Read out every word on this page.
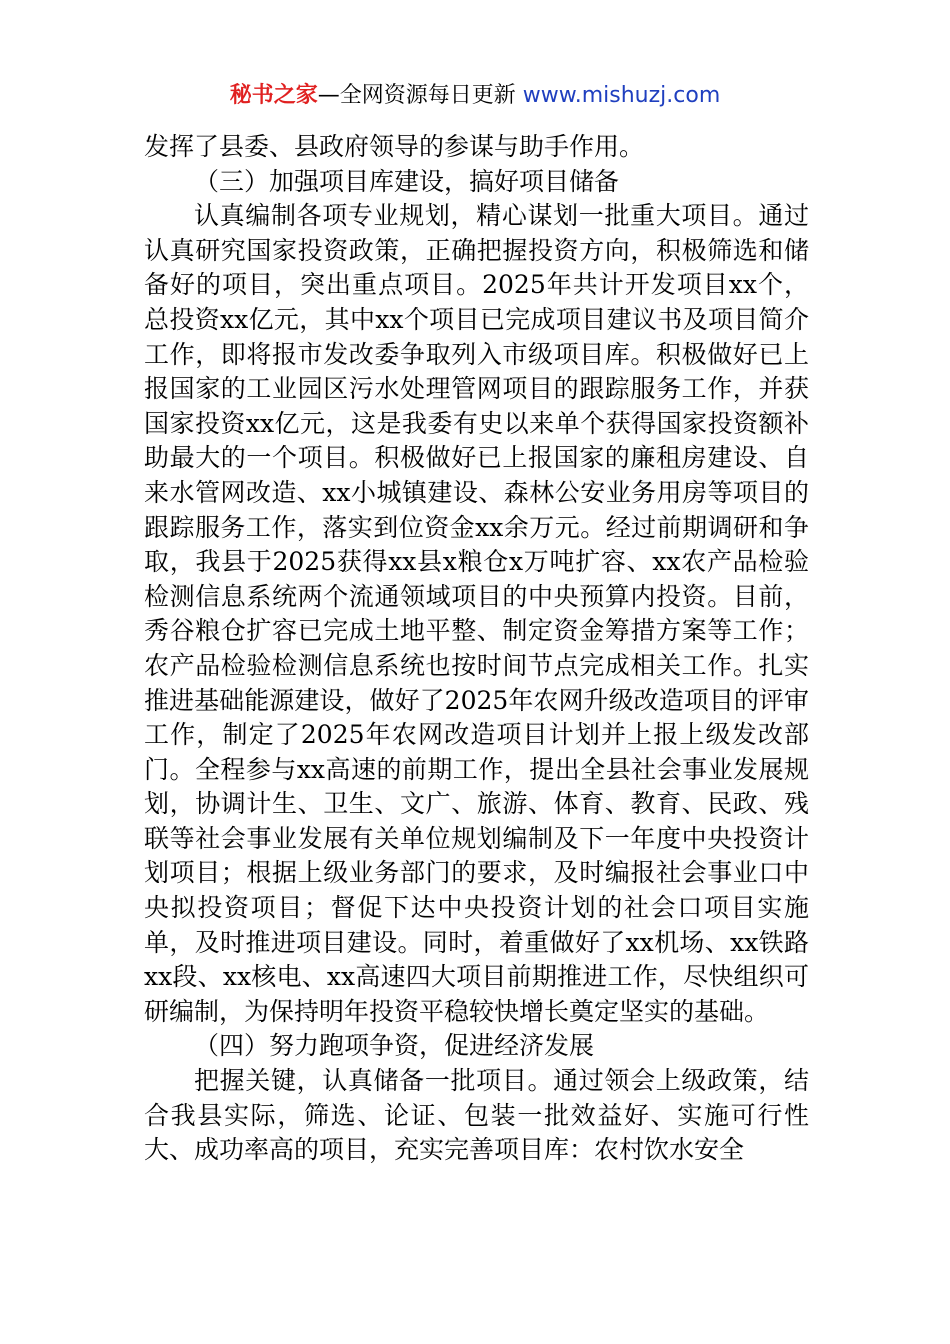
秘书之家—全网资源每日更新 www.mishuzj.com

发挥了县委、县政府领导的参谋与助手作用。

（三）加强项目库建设，搞好项目储备

认真编制各项专业规划，精心谋划一批重大项目。通过认真研究国家投资政策，正确把握投资方向，积极筛选和储备好的项目，突出重点项目。2025年共计开发项目xx个，总投资xx亿元，其中xx个项目已完成项目建议书及项目简介工作，即将报市发改委争取列入市级项目库。积极做好已上报国家的工业园区污水处理管网项目的跟踪服务工作，并获国家投资xx亿元，这是我委有史以来单个获得国家投资额补助最大的一个项目。积极做好已上报国家的廉租房建设、自来水管网改造、xx小城镇建设、森林公安业务用房等项目的跟踪服务工作，落实到位资金xx余万元。经过前期调研和争取，我县于2025获得xx县x粮仓x万吨扩容、xx农产品检验检测信息系统两个流通领域项目的中央预算内投资。目前，秀谷粮仓扩容已完成土地平整、制定资金筹措方案等工作；农产品检验检测信息系统也按时间节点完成相关工作。扎实推进基础能源建设，做好了2025年农网升级改造项目的评审工作，制定了2025年农网改造项目计划并上报上级发改部门。全程参与xx高速的前期工作，提出全县社会事业发展规划，协调计生、卫生、文广、旅游、体育、教育、民政、残联等社会事业发展有关单位规划编制及下一年度中央投资计划项目；根据上级业务部门的要求，及时编报社会事业口中央拟投资项目；督促下达中央投资计划的社会口项目实施单，及时推进项目建设。同时，着重做好了xx机场、xx铁路xx段、xx核电、xx高速四大项目前期推进工作，尽快组织可研编制，为保持明年投资平稳较快增长奠定坚实的基础。

（四）努力跑项争资，促进经济发展

把握关键，认真储备一批项目。通过领会上级政策，结合我县实际，筛选、论证、包装一批效益好、实施可行性大、成功率高的项目，充实完善项目库：农村饮水安全
